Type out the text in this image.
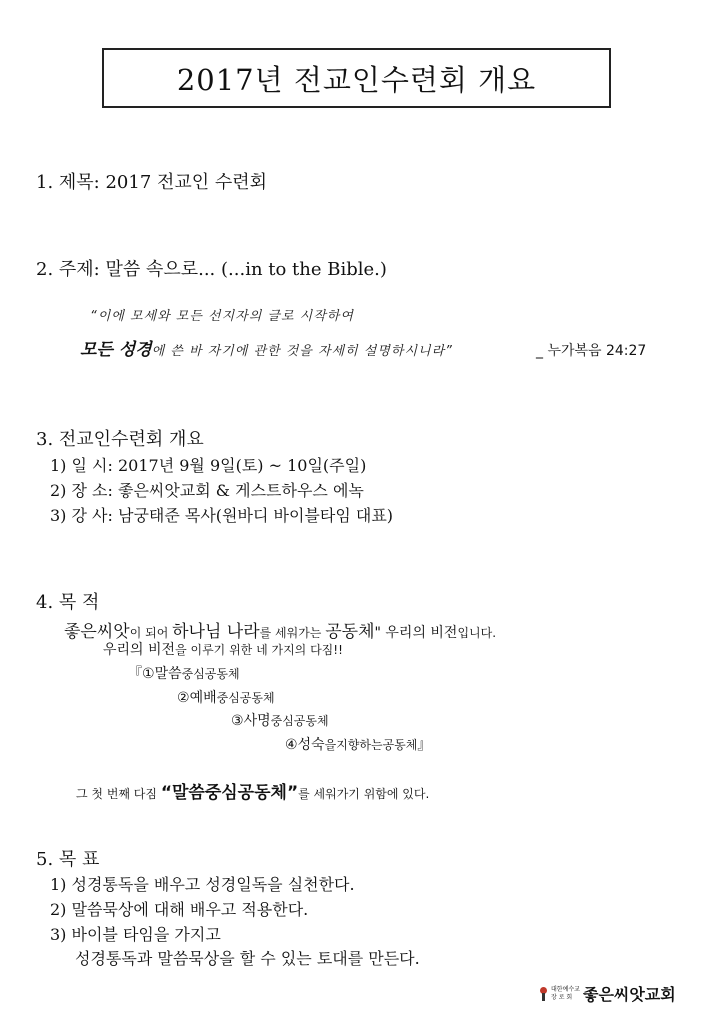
2017년 전교인수련회 개요
1. 제목: 2017 전교인 수련회
2. 주제: 말씀 속으로... (...in to the Bible.)
“이에 모세와 모든 선지자의 글로 시작하여
모든 성경에 쓴 바 자기에 관한 것을 자세히 설명하시니라”	_ 누가복음 24:27
3. 전교인수련회 개요
1) 일 시: 2017년 9월 9일(토) ~ 10일(주일)
2) 장 소: 좋은씨앗교회 & 게스트하우스 에녹
3) 강 사: 남궁태준 목사(원바디 바이블타임 대표)
4. 목 적
좋은씨앗이 되어 하나님 나라를 세워가는 공동체" 우리의 비전입니다.
우리의 비전을 이루기 위한 네 가지의 다짐!!
『①말씀중심공동체
②예배중심공동체
③사명중심공동체
④성숙을지향하는공동체』
그 첫 번째 다짐 “말씀중심공동체”를 세워가기 위함에 있다.
5. 목 표
1) 성경통독을 배우고 성경일독을 실천한다.
2) 말씀묵상에 대해 배우고 적용한다.
3) 바이블 타임을 가지고
성경통독과 말씀묵상을 할 수 있는 토대를 만든다.
대한예수교
장 로 회 좋은씨앗교회
